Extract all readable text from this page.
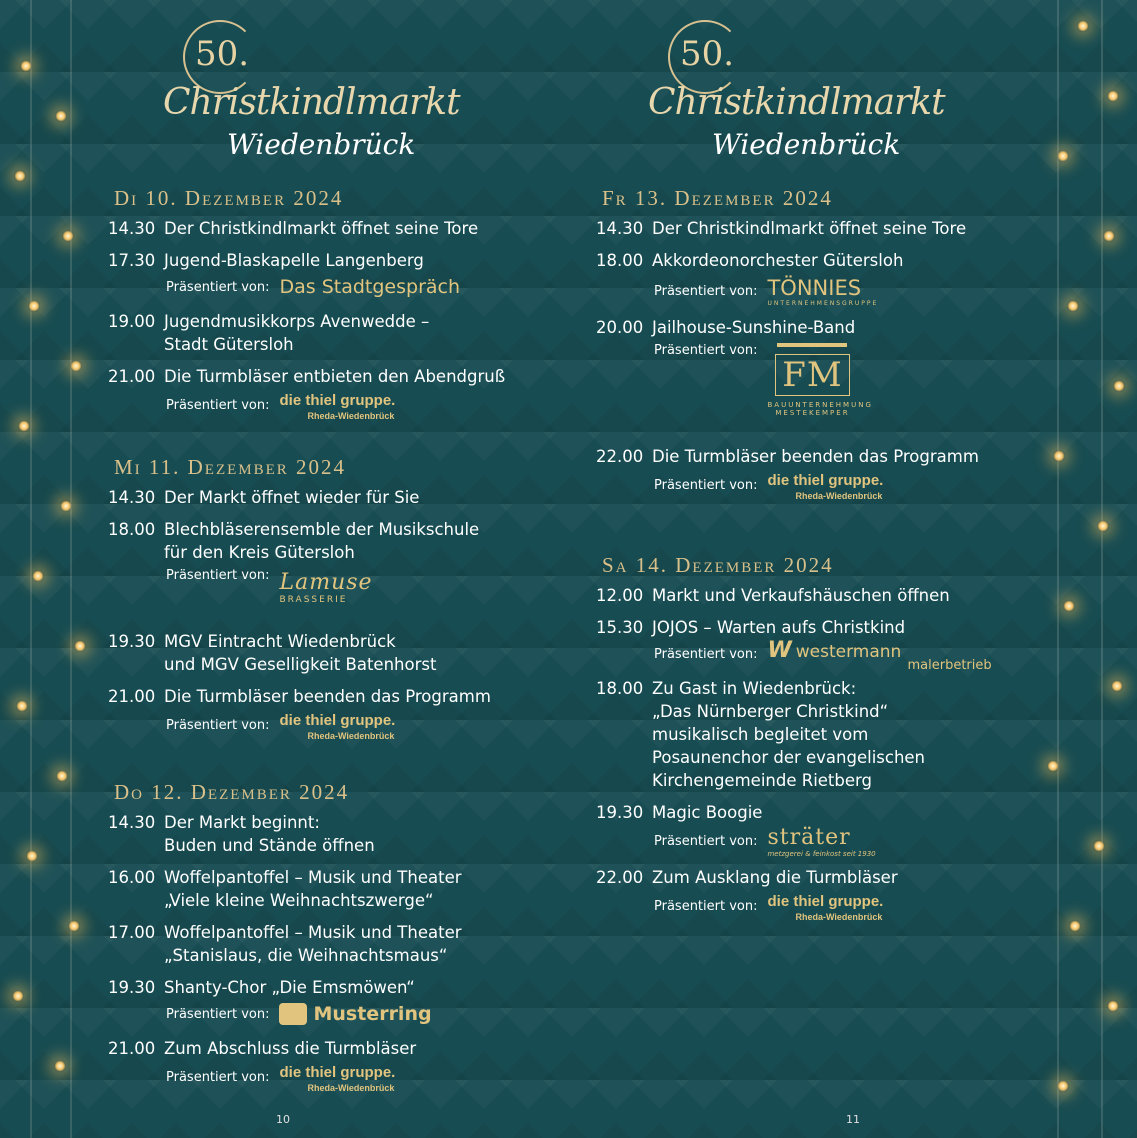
50.
Christkindlmarkt
Wiedenbrück
Di 10. Dezember 2024
14.30 Der Christkindlmarkt öffnet seine Tore
17.30 Jugend-Blaskapelle Langenberg
Präsentiert von: Das Stadtgespräch
19.00 Jugendmusikkorps Avenwedde –
Stadt Gütersloh
21.00 Die Turmbläser entbieten den Abendgruß
Präsentiert von: die thiel gruppe.
Rheda-Wiedenbrück
Mi 11. Dezember 2024
14.30 Der Markt öffnet wieder für Sie
18.00 Blechbläserensemble der Musikschule
für den Kreis Gütersloh
Präsentiert von: Lamuse
BRASSERIE
19.30 MGV Eintracht Wiedenbrück
und MGV Geselligkeit Batenhorst
21.00 Die Turmbläser beenden das Programm
Präsentiert von: die thiel gruppe.
Rheda-Wiedenbrück
Do 12. Dezember 2024
14.30 Der Markt beginnt:
Buden und Stände öffnen
16.00 Woffelpantoffel – Musik und Theater
„Viele kleine Weihnachtszwerge“
17.00 Woffelpantoffel – Musik und Theater
„Stanislaus, die Weihnachtsmaus“
19.30 Shanty-Chor „Die Emsmöwen“
Präsentiert von:	Musterring
21.00 Zum Abschluss die Turmbläser
Präsentiert von: die thiel gruppe.
Rheda-Wiedenbrück
50.
Christkindlmarkt
Wiedenbrück
Fr 13. Dezember 2024
14.30 Der Christkindlmarkt öffnet seine Tore
18.00 Akkordeonorchester Gütersloh
Präsentiert von: TÖNNIES
UNTERNEHMENSGRUPPE
20.00 Jailhouse-Sunshine-Band
Präsentiert von:
FM
BAUUNTERNEHMUNG MESTEKEMPER
22.00 Die Turmbläser beenden das Programm
Präsentiert von: die thiel gruppe.
Rheda-Wiedenbrück
Sa 14. Dezember 2024
12.00 Markt und Verkaufshäuschen öffnen
15.30 JOJOS – Warten aufs Christkind
Präsentiert von: W westermann
malerbetrieb
18.00 Zu Gast in Wiedenbrück:
„Das Nürnberger Christkind“
musikalisch begleitet vom
Posaunenchor der evangelischen
Kirchengemeinde Rietberg
19.30 Magic Boogie
Präsentiert von: sträter
metzgerei & feinkost seit 1930
22.00 Zum Ausklang die Turmbläser
Präsentiert von: die thiel gruppe.
Rheda-Wiedenbrück
10	11
